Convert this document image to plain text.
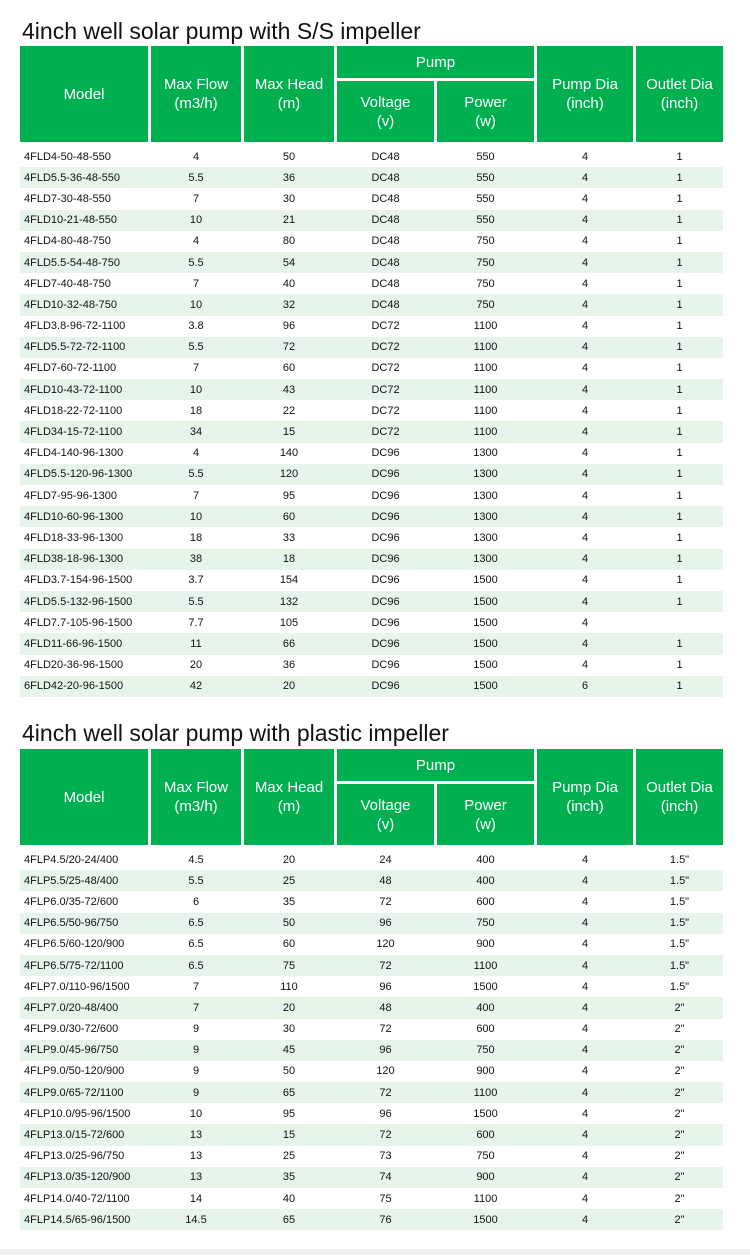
4inch well solar pump with S/S impeller
Model
Max Flow
(m3/h)
Max Head
(m)
Pump
Voltage
(v)
Power
(w)
Pump Dia
(inch)
Outlet Dia
(inch)
4FLD4-50-48-550	4	50	DC48	550	4	1
4FLD5.5-36-48-550	5.5	36	DC48	550	4	1
4FLD7-30-48-550	7	30	DC48	550	4	1
4FLD10-21-48-550	10	21	DC48	550	4	1
4FLD4-80-48-750	4	80	DC48	750	4	1
4FLD5.5-54-48-750	5.5	54	DC48	750	4	1
4FLD7-40-48-750	7	40	DC48	750	4	1
4FLD10-32-48-750	10	32	DC48	750	4	1
4FLD3.8-96-72-1100	3.8	96	DC72	1100	4	1
4FLD5.5-72-72-1100	5.5	72	DC72	1100	4	1
4FLD7-60-72-1100	7	60	DC72	1100	4	1
4FLD10-43-72-1100	10	43	DC72	1100	4	1
4FLD18-22-72-1100	18	22	DC72	1100	4	1
4FLD34-15-72-1100	34	15	DC72	1100	4	1
4FLD4-140-96-1300	4	140	DC96	1300	4	1
4FLD5.5-120-96-1300	5.5	120	DC96	1300	4	1
4FLD7-95-96-1300	7	95	DC96	1300	4	1
4FLD10-60-96-1300	10	60	DC96	1300	4	1
4FLD18-33-96-1300	18	33	DC96	1300	4	1
4FLD38-18-96-1300	38	18	DC96	1300	4	1
4FLD3.7-154-96-1500	3.7	154	DC96	1500	4	1
4FLD5.5-132-96-1500	5.5	132	DC96	1500	4	1
4FLD7.7-105-96-1500	7.7	105	DC96	1500	4
4FLD11-66-96-1500	11	66	DC96	1500	4	1
4FLD20-36-96-1500	20	36	DC96	1500	4	1
6FLD42-20-96-1500	42	20	DC96	1500	6	1
4inch well solar pump with plastic impeller
Model
Max Flow
(m3/h)
Max Head
(m)
Pump
Voltage
(v)
Power
(w)
Pump Dia
(inch)
Outlet Dia
(inch)
4FLP4.5/20-24/400	4.5	20	24	400	4	1.5"
4FLP5.5/25-48/400	5.5	25	48	400	4	1.5"
4FLP6.0/35-72/600	6	35	72	600	4	1.5"
4FLP6.5/50-96/750	6.5	50	96	750	4	1.5"
4FLP6.5/60-120/900	6.5	60	120	900	4	1.5"
4FLP6.5/75-72/1100	6.5	75	72	1100	4	1.5"
4FLP7.0/110-96/1500	7	110	96	1500	4	1.5"
4FLP7.0/20-48/400	7	20	48	400	4	2"
4FLP9.0/30-72/600	9	30	72	600	4	2"
4FLP9.0/45-96/750	9	45	96	750	4	2"
4FLP9.0/50-120/900	9	50	120	900	4	2"
4FLP9.0/65-72/1100	9	65	72	1100	4	2"
4FLP10.0/95-96/1500	10	95	96	1500	4	2"
4FLP13.0/15-72/600	13	15	72	600	4	2"
4FLP13.0/25-96/750	13	25	73	750	4	2"
4FLP13.0/35-120/900	13	35	74	900	4	2"
4FLP14.0/40-72/1100	14	40	75	1100	4	2"
4FLP14.5/65-96/1500	14.5	65	76	1500	4	2"
